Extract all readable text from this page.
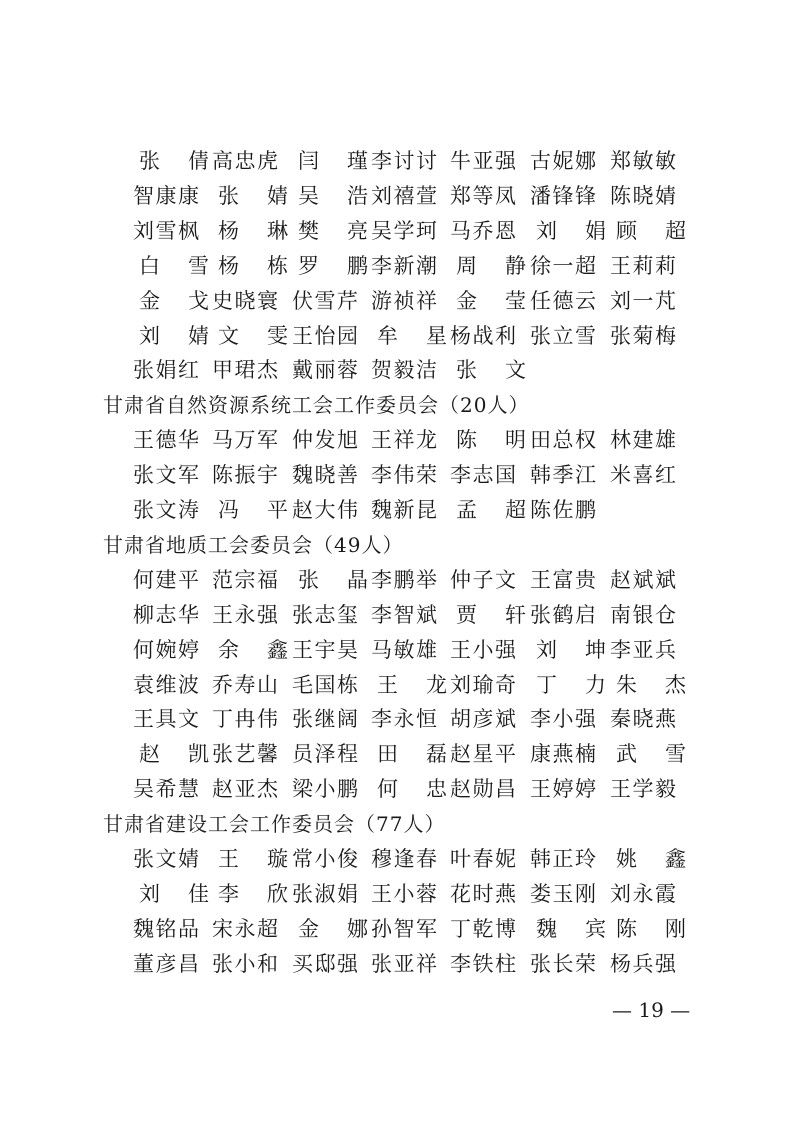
张 倩 高忠虎 闫 瑾 李讨讨 牛亚强 古妮娜 郑敏敏
智康康 张 婧 吴 浩 刘禧萱 郑等凤 潘锋锋 陈晓婧
刘雪枫 杨 琳 樊 亮 吴学珂 马乔恩 刘 娟 顾 超
白 雪 杨 栋 罗 鹏 李新潮 周 静 徐一超 王莉莉
金 戈 史晓寰 伏雪芹 游祯祥 金 莹 任德云 刘一芃
刘 婧 文 雯 王怡园 牟 星 杨战利 张立雪 张菊梅
张娟红 甲珺杰 戴丽蓉 贺毅洁 张 文
甘肃省自然资源系统工会工作委员会（20人）
王德华 马万军 仲发旭 王祥龙 陈 明 田总权 林建雄
张文军 陈振宇 魏晓善 李伟荣 李志国 韩季江 米喜红
张文涛 冯 平 赵大伟 魏新昆 孟 超 陈佐鹏
甘肃省地质工会委员会（49人）
何建平 范宗福 张 晶 李鹏举 仲子文 王富贵 赵斌斌
柳志华 王永强 张志玺 李智斌 贾 轩 张鹤启 南银仓
何婉婷 余 鑫 王宇昊 马敏雄 王小强 刘 坤 李亚兵
袁维波 乔寿山 毛国栋 王 龙 刘瑜奇 丁 力 朱 杰
王具文 丁冉伟 张继阔 李永恒 胡彦斌 李小强 秦晓燕
赵 凯 张艺馨 员泽程 田 磊 赵星平 康燕楠 武 雪
吴希慧 赵亚杰 梁小鹏 何 忠 赵勋昌 王婷婷 王学毅
甘肃省建设工会工作委员会（77人）
张文婧 王 璇 常小俊 穆逢春 叶春妮 韩正玲 姚 鑫
刘 佳 李 欣 张淑娟 王小蓉 花时燕 娄玉刚 刘永霞
魏铭品 宋永超 金 娜 孙智军 丁乾博 魏 宾 陈 刚
董彦昌 张小和 买邸强 张亚祥 李铁柱 张长荣 杨兵强
— 19 —
